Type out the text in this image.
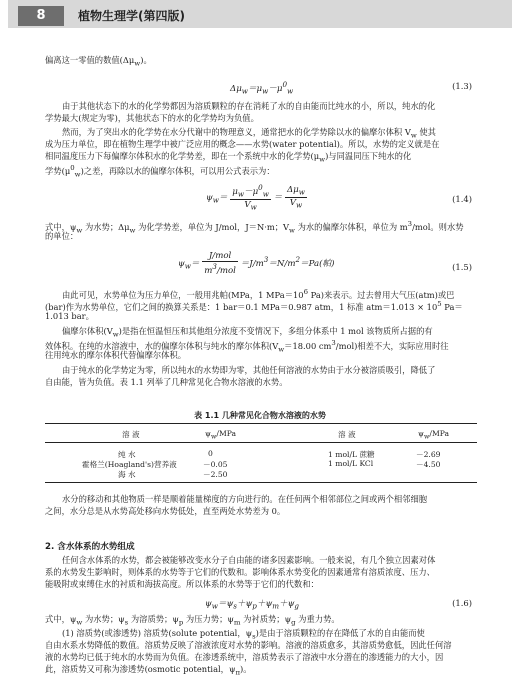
8	植物生理学(第四版)
偏离这一零值的数值$(\Delta\mu_w)$。
$\Delta\mu_w=\mu_w-\mu^0_w$
(1.3)
由于其他状态下的水的化学势都因为溶质颗粒的存在消耗了水的自由能而比纯水的小，所以，纯水的化
学势最大(规定为零)，其他状态下的水的化学势均为负值。
然而，为了突出水的化学势在水分代谢中的物理意义，通常把水的化学势除以水的偏摩尔体积 $V_w$ 使其
成为压力单位，即在植物生理学中被广泛应用的概念——水势(water potential)。所以，水势的定义就是在
相同温度压力下每偏摩尔体积水的化学势差，即在一个系统中水的化学势$(\mu_w)$与同温同压下纯水的化
学势$(\mu^0_w)$之差，再除以水的偏摩尔体积，可以用公式表示为：
$\psi_w= \frac{\mu_w-\mu^0_w}{V_w} = \frac{\Delta\mu_w}{V_w}$	(1.4)
式中，$\psi_w$ 为水势；$\Delta\mu_w$ 为化学势差，单位为 J/mol，J＝N·m；$V_w$ 为水的偏摩尔体积，单位为 $m^3$/mol。则水势
的单位：
$\psi_w= \frac{\text{J/mol}}{m^3/mol} =J/m^3=N/m^2=Pa$(帕)	(1.5)
由此可见，水势单位为压力单位，一般用兆帕(MPa，1 $MPa=10^6$ Pa)来表示。过去曾用大气压(atm)或巴
(bar)作为水势单位，它们之间的换算关系是：1 bar＝0.1 MPa＝0.987 atm，1 标准 $atm=1.013 \times 10^5$ Pa＝
1.013 bar。
偏摩尔体积$(V_w)$是指在恒温恒压和其他组分浓度不变情况下，多组分体系中 1 mol 该物质所占据的有
效体积。在纯的水溶液中，水的偏摩尔体积与纯水的摩尔体积($V_w=18.00$ $cm^3/mol$)相差不大，实际应用时往
往用纯水的摩尔体积代替偏摩尔体积。
由于纯水的化学势定为零，所以纯水的水势即为零，其他任何溶液的水势由于水分被溶质吸引，降低了
自由能，皆为负值。表 1.1 列举了几种常见化合物水溶液的水势。
表 1.1 几种常见化合物水溶液的水势
溶 液	$\psi_w$/MPa	溶 液	$\psi_w$/MPa
纯 水	0	1 mol/L 蔗糖	－2.69
霍格兰(Hoagland's)营养液	－0.05	1 mol/L KCl	－4.50
海 水	－2.50
水分的移动和其他物质一样是顺着能量梯度的方向进行的。在任何两个相邻部位之间或两个相邻细胞
之间，水分总是从水势高处移向水势低处，直至两处水势差为 0。
2. 含水体系的水势组成
任何含水体系的水势，都会被能够改变水分子自由能的诸多因素影响。一般来说，有几个独立因素对体
系的水势发生影响时，则体系的水势等于它们的代数和。影响体系水势变化的因素通常有溶质浓度、压力、
能吸附或束缚住水的衬质和海拔高度。所以体系的水势等于它们的代数和：
$\psi_w=\psi_s+\psi_p+\psi_m+\psi_g$	(1.6)
式中，$\psi_w$ 为水势；$\psi_s$ 为溶质势；$\psi_p$ 为压力势；$\psi_m$ 为衬质势；$\psi_g$ 为重力势。
(1) 溶质势(或渗透势) 溶质势(solute potential，$\psi_s$)是由于溶质颗粒的存在降低了水的自由能而使
自由水系水势降低的数值。溶质势反映了溶液浓度对水势的影响。溶液的溶质愈多，其溶质势愈低，因此任何溶
液的水势均已低于纯水的水势而为负值。在渗透系统中，溶质势表示了溶液中水分潜在的渗透能力的大小，因
此，溶质势又可称为渗透势(osmotic potential，$\psi_\pi$)。
